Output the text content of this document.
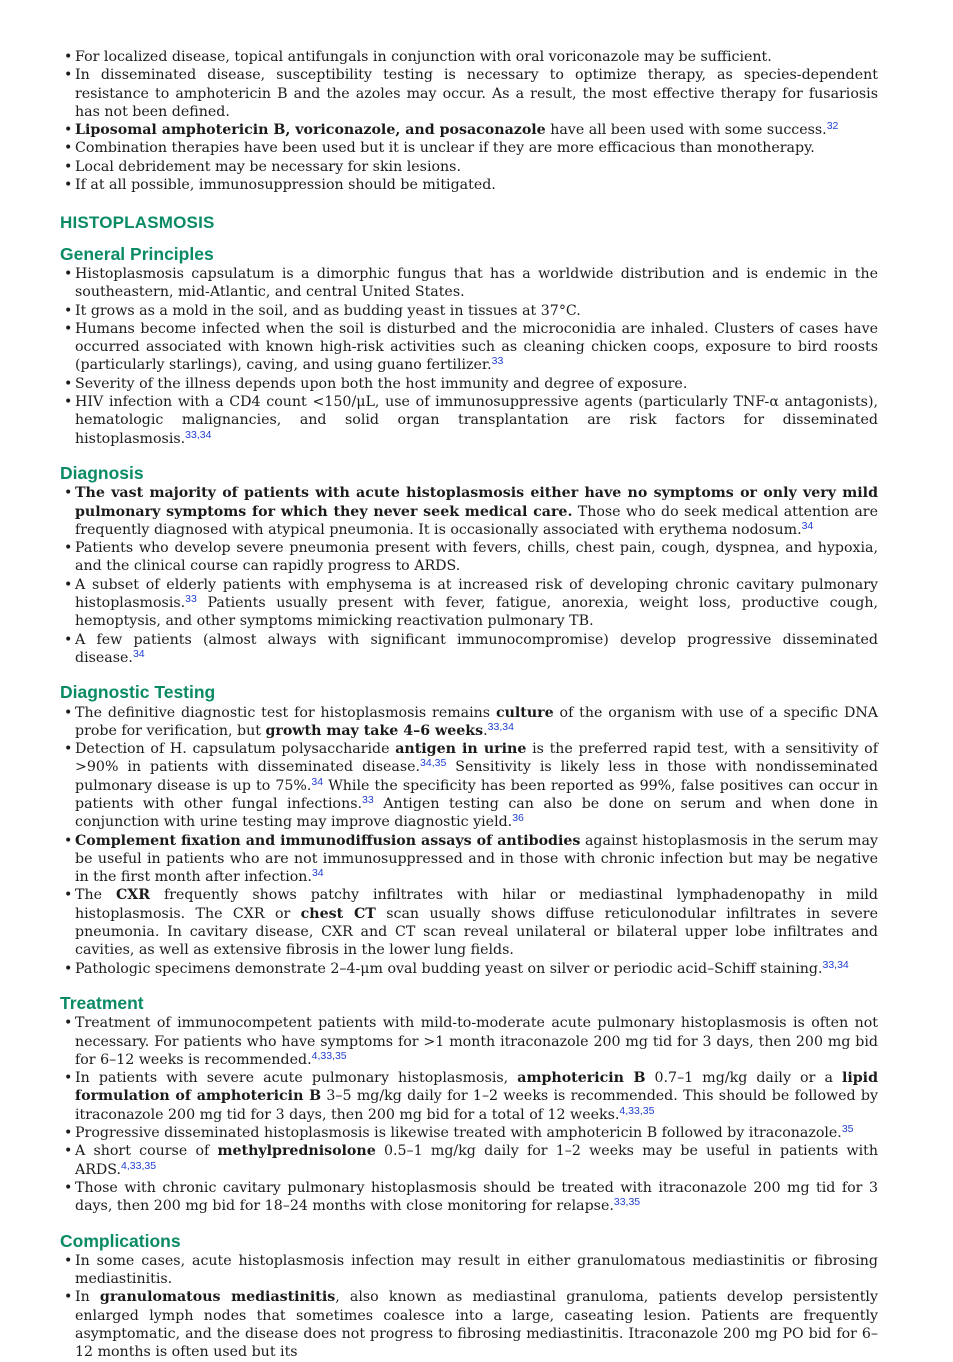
• For localized disease, topical antifungals in conjunction with oral voriconazole may be sufficient.
• In disseminated disease, susceptibility testing is necessary to optimize therapy, as species-dependent resistance to amphotericin B and the azoles may occur. As a result, the most effective therapy for fusariosis has not been defined.
• Liposomal amphotericin B, voriconazole, and posaconazole have all been used with some success.$^{32}$
• Combination therapies have been used but it is unclear if they are more efficacious than monotherapy.
• Local debridement may be necessary for skin lesions.
• If at all possible, immunosuppression should be mitigated.
HISTOPLASMOSIS
General Principles
• Histoplasmosis capsulatum is a dimorphic fungus that has a worldwide distribution and is endemic in the southeastern, mid-Atlantic, and central United States.
• It grows as a mold in the soil, and as budding yeast in tissues at 37°C.
• Humans become infected when the soil is disturbed and the microconidia are inhaled. Clusters of cases have occurred associated with known high-risk activities such as cleaning chicken coops, exposure to bird roosts (particularly starlings), caving, and using guano fertilizer.$^{33}$
• Severity of the illness depends upon both the host immunity and degree of exposure.
• HIV infection with a CD4 count <150/μL, use of immunosuppressive agents (particularly TNF-α antagonists), hematologic malignancies, and solid organ transplantation are risk factors for disseminated histoplasmosis.$^{33,34}$
Diagnosis
• The vast majority of patients with acute histoplasmosis either have no symptoms or only very mild pulmonary symptoms for which they never seek medical care. Those who do seek medical attention are frequently diagnosed with atypical pneumonia. It is occasionally associated with erythema nodosum.$^{34}$
• Patients who develop severe pneumonia present with fevers, chills, chest pain, cough, dyspnea, and hypoxia, and the clinical course can rapidly progress to ARDS.
• A subset of elderly patients with emphysema is at increased risk of developing chronic cavitary pulmonary histoplasmosis.$^{33}$ Patients usually present with fever, fatigue, anorexia, weight loss, productive cough, hemoptysis, and other symptoms mimicking reactivation pulmonary TB.
• A few patients (almost always with significant immunocompromise) develop progressive disseminated disease.$^{34}$
Diagnostic Testing
• The definitive diagnostic test for histoplasmosis remains culture of the organism with use of a specific DNA probe for verification, but growth may take 4–6 weeks.$^{33,34}$
• Detection of H. capsulatum polysaccharide antigen in urine is the preferred rapid test, with a sensitivity of >90% in patients with disseminated disease.$^{34,35}$ Sensitivity is likely less in those with nondisseminated pulmonary disease is up to 75%.$^{34}$ While the specificity has been reported as 99%, false positives can occur in patients with other fungal infections.$^{33}$ Antigen testing can also be done on serum and when done in conjunction with urine testing may improve diagnostic yield.$^{36}$
• Complement fixation and immunodiffusion assays of antibodies against histoplasmosis in the serum may be useful in patients who are not immunosuppressed and in those with chronic infection but may be negative in the first month after infection.$^{34}$
• The CXR frequently shows patchy infiltrates with hilar or mediastinal lymphadenopathy in mild histoplasmosis. The CXR or chest CT scan usually shows diffuse reticulonodular infiltrates in severe pneumonia. In cavitary disease, CXR and CT scan reveal unilateral or bilateral upper lobe infiltrates and cavities, as well as extensive fibrosis in the lower lung fields.
• Pathologic specimens demonstrate 2–4-μm oval budding yeast on silver or periodic acid–Schiff staining.$^{33,34}$
Treatment
• Treatment of immunocompetent patients with mild-to-moderate acute pulmonary histoplasmosis is often not necessary. For patients who have symptoms for >1 month itraconazole 200 mg tid for 3 days, then 200 mg bid for 6–12 weeks is recommended.$^{4,33,35}$
• In patients with severe acute pulmonary histoplasmosis, amphotericin B 0.7–1 mg/kg daily or a lipid formulation of amphotericin B 3–5 mg/kg daily for 1–2 weeks is recommended. This should be followed by itraconazole 200 mg tid for 3 days, then 200 mg bid for a total of 12 weeks.$^{4,33,35}$
• Progressive disseminated histoplasmosis is likewise treated with amphotericin B followed by itraconazole.$^{35}$
• A short course of methylprednisolone 0.5–1 mg/kg daily for 1–2 weeks may be useful in patients with ARDS.$^{4,33,35}$
• Those with chronic cavitary pulmonary histoplasmosis should be treated with itraconazole 200 mg tid for 3 days, then 200 mg bid for 18–24 months with close monitoring for relapse.$^{33,35}$
Complications
• In some cases, acute histoplasmosis infection may result in either granulomatous mediastinitis or fibrosing mediastinitis.
• In granulomatous mediastinitis, also known as mediastinal granuloma, patients develop persistently enlarged lymph nodes that sometimes coalesce into a large, caseating lesion. Patients are frequently asymptomatic, and the disease does not progress to fibrosing mediastinitis. Itraconazole 200 mg PO bid for 6–12 months is often used but its
